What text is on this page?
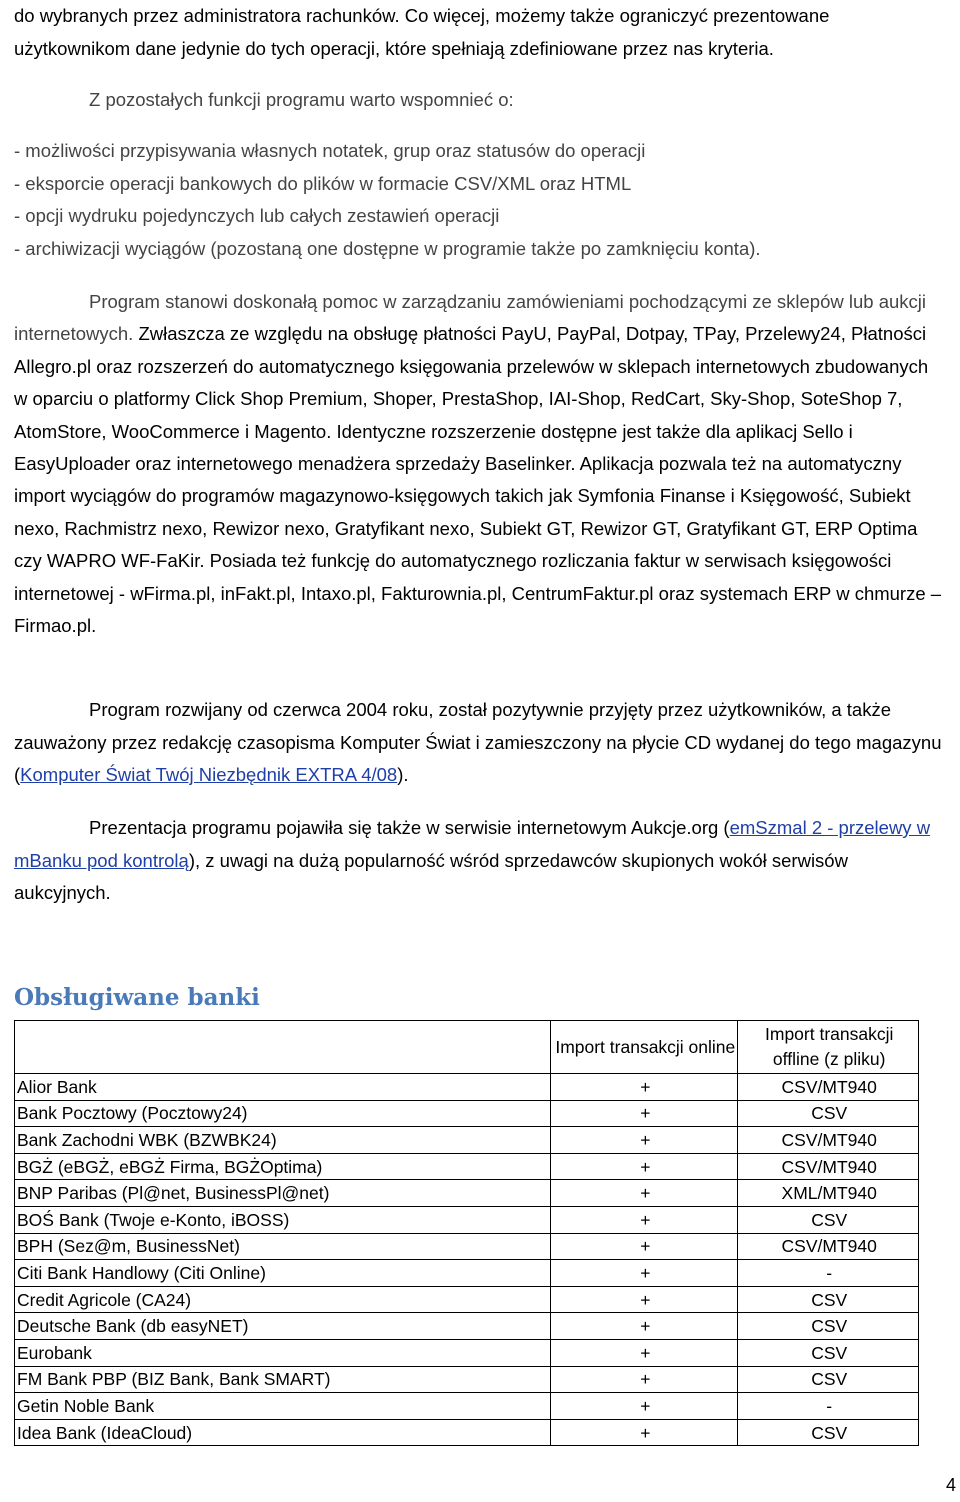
do wybranych przez administratora rachunków. Co więcej, możemy także ograniczyć prezentowane

użytkownikom dane jedynie do tych operacji, które spełniają zdefiniowane przez nas kryteria.

Z pozostałych funkcji programu warto wspomnieć o:

- możliwości przypisywania własnych notatek, grup oraz statusów do operacji

- eksporcie operacji bankowych do plików w formacie CSV/XML oraz HTML

- opcji wydruku pojedynczych lub całych zestawień operacji

- archiwizacji wyciągów (pozostaną one dostępne w programie także po zamknięciu konta).

Program stanowi doskonałą pomoc w zarządzaniu zamówieniami pochodzącymi ze sklepów lub aukcji internetowych. Zwłaszcza ze względu na obsługę płatności PayU, PayPal, Dotpay, TPay, Przelewy24, Płatności Allegro.pl oraz rozszerzeń do automatycznego księgowania przelewów w sklepach internetowych zbudowanych w oparciu o platformy Click Shop Premium, Shoper, PrestaShop, IAI-Shop, RedCart, Sky-Shop, SoteShop 7, AtomStore, WooCommerce i Magento. Identyczne rozszerzenie dostępne jest także dla aplikacj Sello i EasyUploader oraz internetowego menadżera sprzedaży Baselinker. Aplikacja pozwala też na automatyczny import wyciągów do programów magazynowo-księgowych takich jak Symfonia Finanse i Księgowość, Subiekt nexo, Rachmistrz nexo, Rewizor nexo, Gratyfikant nexo, Subiekt GT, Rewizor GT, Gratyfikant GT, ERP Optima czy WAPRO WF-FaKir. Posiada też funkcję do automatycznego rozliczania faktur w serwisach księgowości internetowej - wFirma.pl, inFakt.pl, Intaxo.pl, Fakturownia.pl, CentrumFaktur.pl oraz systemach ERP w chmurze – Firmao.pl.

Program rozwijany od czerwca 2004 roku, został pozytywnie przyjęty przez użytkowników, a także zauważony przez redakcję czasopisma Komputer Świat i zamieszczony na płycie CD wydanej do tego magazynu (Komputer Świat Twój Niezbędnik EXTRA 4/08).

Prezentacja programu pojawiła się także w serwisie internetowym Aukcje.org (emSzmal 2 - przelewy w mBanku pod kontrolą), z uwagi na dużą popularność wśród sprzedawców skupionych wokół serwisów aukcyjnych.

Obsługiwane banki
	Import transakcji online	Import transakcji offline (z pliku)
Alior Bank	+	CSV/MT940
Bank Pocztowy (Pocztowy24)	+	CSV
Bank Zachodni WBK (BZWBK24)	+	CSV/MT940
BGŻ (eBGŻ, eBGŻ Firma, BGŻOptima)	+	CSV/MT940
BNP Paribas (Pl@net, BusinessPl@net)	+	XML/MT940
BOŚ Bank (Twoje e-Konto, iBOSS)	+	CSV
BPH (Sez@m, BusinessNet)	+	CSV/MT940
Citi Bank Handlowy (Citi Online)	+	-
Credit Agricole (CA24)	+	CSV
Deutsche Bank (db easyNET)	+	CSV
Eurobank	+	CSV
FM Bank PBP (BIZ Bank, Bank SMART)	+	CSV
Getin Noble Bank	+	-
Idea Bank (IdeaCloud)	+	CSV
4
